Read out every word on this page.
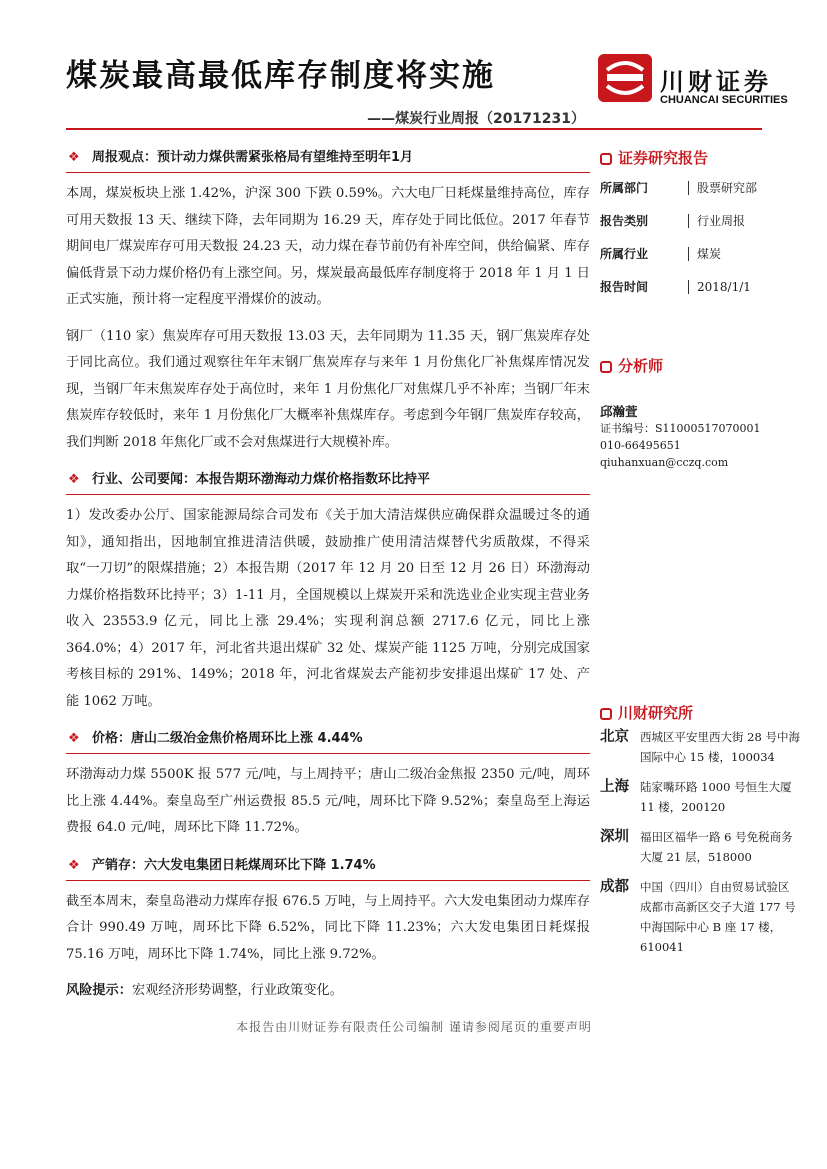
煤炭最高最低库存制度将实施
——煤炭行业周报（20171231）
川财证券
CHUANCAI SECURITIES
❖ 周报观点：预计动力煤供需紧张格局有望维持至明年1月

本周，煤炭板块上涨 1.42%，沪深 300 下跌 0.59%。六大电厂日耗煤量维持高位，库存可用天数报 13 天、继续下降，去年同期为 16.29 天，库存处于同比低位。2017 年春节期间电厂煤炭库存可用天数报 24.23 天，动力煤在春节前仍有补库空间，供给偏紧、库存偏低背景下动力煤价格仍有上涨空间。另，煤炭最高最低库存制度将于 2018 年 1 月 1 日正式实施，预计将一定程度平滑煤价的波动。

钢厂（110 家）焦炭库存可用天数报 13.03 天，去年同期为 11.35 天，钢厂焦炭库存处于同比高位。我们通过观察往年年末钢厂焦炭库存与来年 1 月份焦化厂补焦煤库情况发现，当钢厂年末焦炭库存处于高位时，来年 1 月份焦化厂对焦煤几乎不补库；当钢厂年末焦炭库存较低时，来年 1 月份焦化厂大概率补焦煤库存。考虑到今年钢厂焦炭库存较高，我们判断 2018 年焦化厂或不会对焦煤进行大规模补库。

❖ 行业、公司要闻：本报告期环渤海动力煤价格指数环比持平

1）发改委办公厅、国家能源局综合司发布《关于加大清洁煤供应确保群众温暖过冬的通知》，通知指出，因地制宜推进清洁供暖，鼓励推广使用清洁煤替代劣质散煤，不得采取“一刀切”的限煤措施；2）本报告期（2017 年 12 月 20 日至 12 月 26 日）环渤海动力煤价格指数环比持平；3）1-11 月，全国规模以上煤炭开采和洗选业企业实现主营业务收入 23553.9 亿元，同比上涨 29.4%；实现利润总额 2717.6 亿元，同比上涨 364.0%；4）2017 年，河北省共退出煤矿 32 处、煤炭产能 1125 万吨，分别完成国家考核目标的 291%、149%；2018 年，河北省煤炭去产能初步安排退出煤矿 17 处、产能 1062 万吨。

❖ 价格：唐山二级冶金焦价格周环比上涨 4.44%

环渤海动力煤 5500K 报 577 元/吨，与上周持平；唐山二级冶金焦报 2350 元/吨，周环比上涨 4.44%。秦皇岛至广州运费报 85.5 元/吨，周环比下降 9.52%；秦皇岛至上海运费报 64.0 元/吨，周环比下降 11.72%。

❖ 产销存：六大发电集团日耗煤周环比下降 1.74%

截至本周末，秦皇岛港动力煤库存报 676.5 万吨，与上周持平。六大发电集团动力煤库存合计 990.49 万吨，周环比下降 6.52%，同比下降 11.23%；六大发电集团日耗煤报 75.16 万吨，周环比下降 1.74%，同比上涨 9.72%。

风险提示：宏观经济形势调整，行业政策变化。
证券研究报告
所属部门	股票研究部
报告类别	行业周报
所属行业	煤炭
报告时间	2018/1/1
分析师
邱瀚萱
证书编号：S1100051707000​1
010-66495651
qiuhanxuan@cczq.com
川财研究所
北京 西城区平安里西大街 28 号中海国际中心 15 楼，100034
上海 陆家嘴环路 1000 号恒生大厦 11 楼，200120
深圳 福田区福华一路 6 号免税商务大厦 21 层，518000
成都 中国（四川）自由贸易试验区成都市高新区交子大道 177 号中海国际中心 B 座 17 楼，610041
本报告由川财证券有限责任公司编制 谨请参阅尾页的重要声明
